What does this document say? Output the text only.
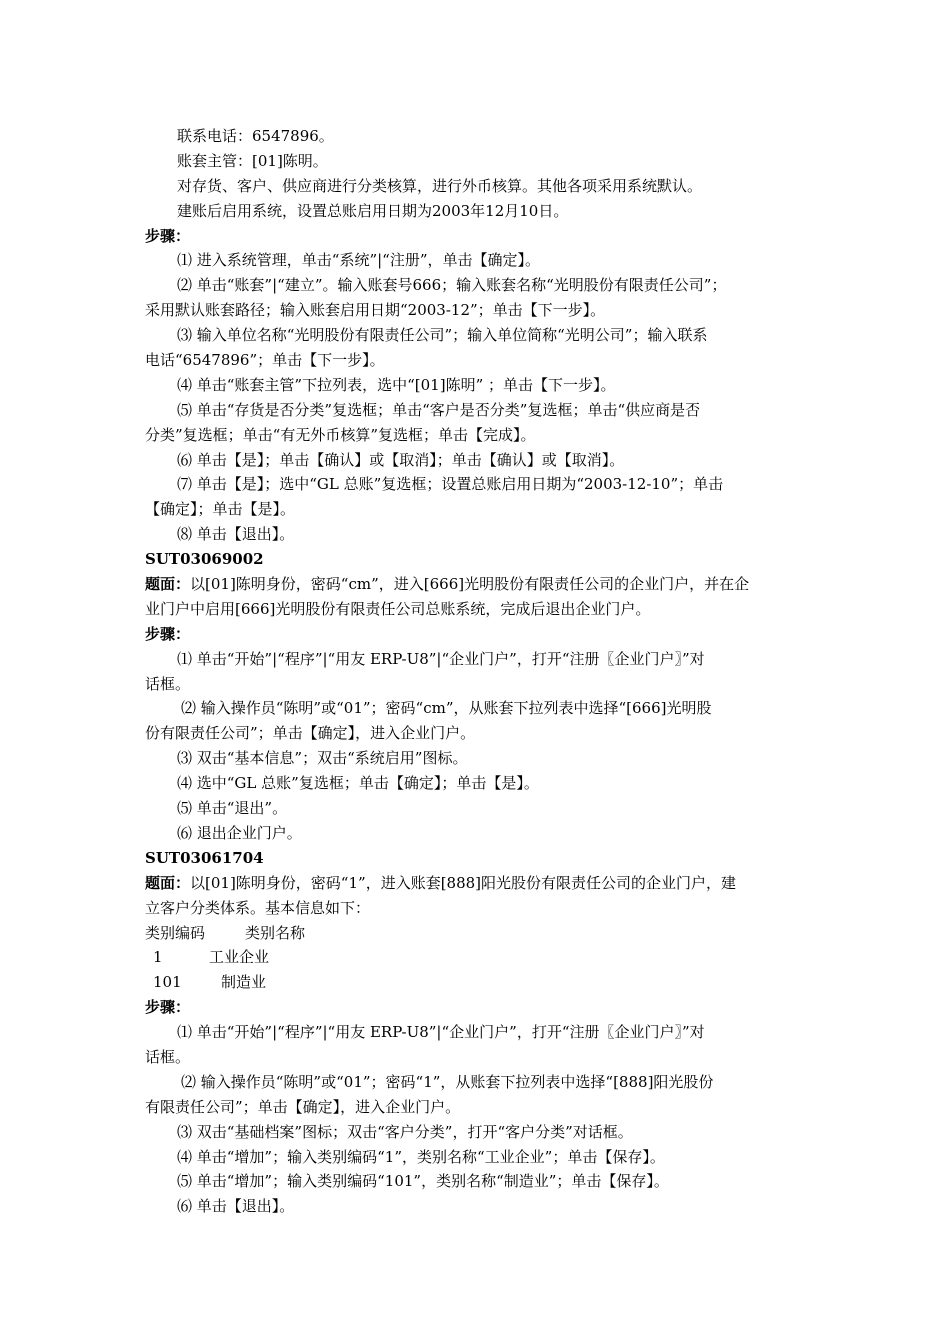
联系电话：6547896。
账套主管：[01]陈明。
对存货、客户、供应商进行分类核算，进行外币核算。其他各项采用系统默认。
建账后启用系统，设置总账启用日期为2003年12月10日。
步骤：
⑴ 进入系统管理，单击“系统”|“注册”，单击【确定】。
⑵ 单击“账套”|“建立”。输入账套号666；输入账套名称“光明股份有限责任公司”；
采用默认账套路径；输入账套启用日期“2003-12”；单击【下一步】。
⑶ 输入单位名称“光明股份有限责任公司”；输入单位简称“光明公司”；输入联系
电话“6547896”；单击【下一步】。
⑷ 单击“账套主管”下拉列表，选中“[01]陈明” ；单击【下一步】。
⑸ 单击“存货是否分类”复选框；单击“客户是否分类”复选框；单击“供应商是否
分类”复选框；单击“有无外币核算”复选框；单击【完成】。
⑹ 单击【是】；单击【确认】或【取消】；单击【确认】或【取消】。
⑺ 单击【是】；选中“GL 总账”复选框；设置总账启用日期为“2003-12-10”；单击
【确定】；单击【是】。
⑻ 单击【退出】。
SUT03069002
题面：以[01]陈明身份，密码“cm”，进入[666]光明股份有限责任公司的企业门户，并在企
业门户中启用[666]光明股份有限责任公司总账系统，完成后退出企业门户。
步骤：
⑴ 单击“开始”|“程序”|“用友 ERP-U8”|“企业门户”，打开“注册〖企业门户〗”对
话框。
⑵ 输入操作员“陈明”或“01”；密码“cm”，从账套下拉列表中选择“[666]光明股
份有限责任公司”；单击【确定】，进入企业门户。
⑶ 双击“基本信息”；双击“系统启用”图标。
⑷ 选中“GL 总账”复选框；单击【确定】；单击【是】。
⑸ 单击“退出”。
⑹ 退出企业门户。
SUT03061704
题面：以[01]陈明身份，密码“1”，进入账套[888]阳光股份有限责任公司的企业门户，建
立客户分类体系。基本信息如下：
类别编码	类别名称
1	工业企业
101	制造业
步骤：
⑴ 单击“开始”|“程序”|“用友 ERP-U8”|“企业门户”，打开“注册〖企业门户〗”对
话框。
⑵ 输入操作员“陈明”或“01”；密码“1”，从账套下拉列表中选择“[888]阳光股份
有限责任公司”；单击【确定】，进入企业门户。
⑶ 双击“基础档案”图标；双击“客户分类”，打开“客户分类”对话框。
⑷ 单击“增加”；输入类别编码“1”，类别名称“工业企业”；单击【保存】。
⑸ 单击“增加”；输入类别编码“101”，类别名称“制造业”；单击【保存】。
⑹ 单击【退出】。
